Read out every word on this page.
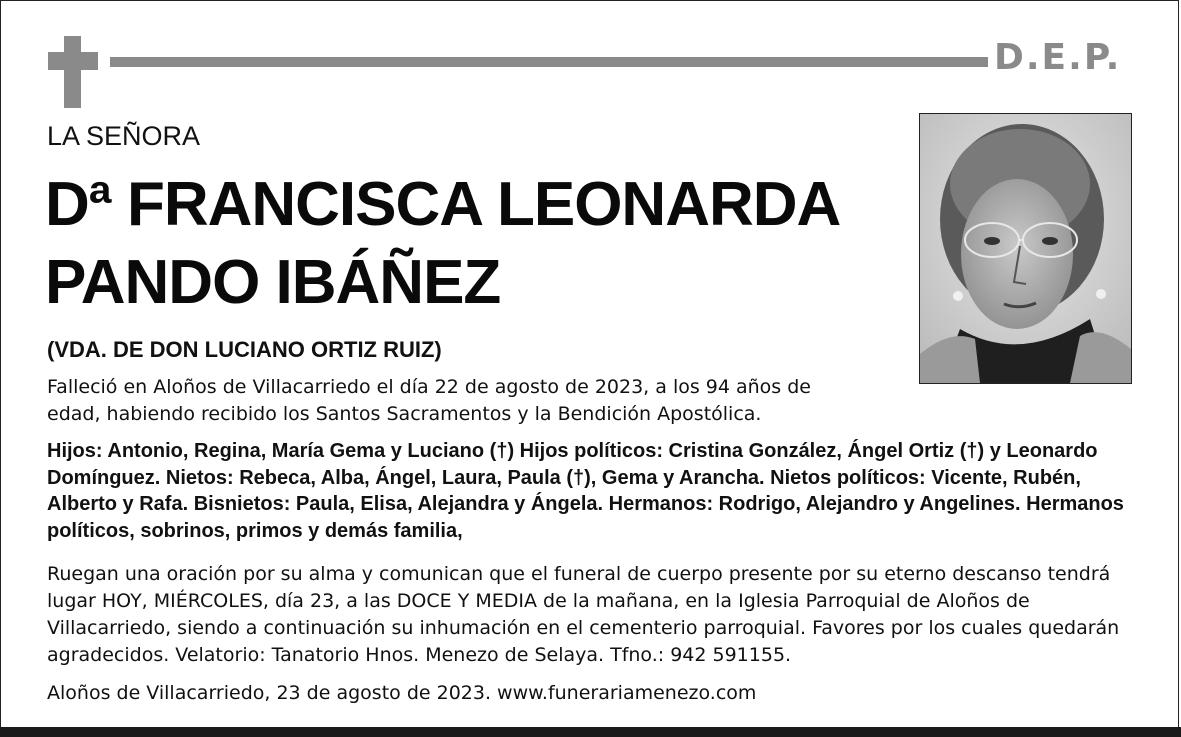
D.E.P.
LA SEÑORA
Dª FRANCISCA LEONARDA
PANDO IBÁÑEZ
(VDA. DE DON LUCIANO ORTIZ RUIZ)
Falleció en Aloños de Villacarriedo el día 22 de agosto de 2023, a los 94 años de edad, habiendo recibido los Santos Sacramentos y la Bendición Apostólica.
Hijos: Antonio, Regina, María Gema y Luciano (†) Hijos políticos: Cristina González, Ángel Ortiz (†) y Leonardo Domínguez. Nietos: Rebeca, Alba, Ángel, Laura, Paula (†), Gema y Arancha. Nietos políticos: Vicente, Rubén, Alberto y Rafa. Bisnietos: Paula, Elisa, Alejandra y Ángela. Hermanos: Rodrigo, Alejandro y Angelines. Hermanos políticos, sobrinos, primos y demás familia,
Ruegan una oración por su alma y comunican que el funeral de cuerpo presente por su eterno descanso tendrá lugar HOY, MIÉRCOLES, día 23, a las DOCE Y MEDIA de la mañana, en la Iglesia Parroquial de Aloños de Villacarriedo, siendo a continuación su inhumación en el cementerio parroquial. Favores por los cuales quedarán agradecidos. Velatorio: Tanatorio Hnos. Menezo de Selaya. Tfno.: 942 591155.
Aloños de Villacarriedo, 23 de agosto de 2023. www.funerariamenezo.com
